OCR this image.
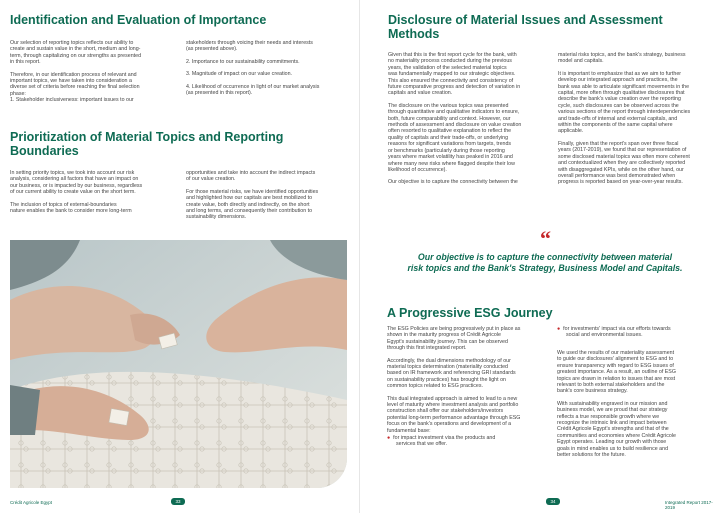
Identification and Evaluation of Importance
Our selection of reporting topics reflects our ability to
create and sustain value in the short, medium and long-
term, through capitalizing on our strengths as presented
in this report.
Therefore, in our identification process of relevant and
important topics, we have taken into consideration a
diverse set of criteria before reaching the final selection
phase:
1. Stakeholder inclusiveness: important issues to our
stakeholders through voicing their needs and interests
(as presented above).
2. Importance to our sustainability commitments.
3. Magnitude of impact on our value creation.
4. Likelihood of occurrence in light of our market analysis
(as presented in this report).
Prioritization of Material Topics and Reporting
Boundaries
In setting priority topics, we took into account our risk
analysis, considering all factors that have an impact on
our business, or is impacted by our business, regardless
of our current ability to create value on the short term.
The inclusion of topics of external-boundaries
nature enables the bank to consider more long-term
opportunities and take into account the indirect impacts
of our value creation.
For those material risks, we have identified opportunities
and highlighted how our capitals are best mobilized to
create value, both directly and indirectly, on the short
and long terms, and consequently their contribution to
sustainability dimensions.
Crédit Agricole Egypt	33
Disclosure of Material Issues and Assessment
Methods
Given that this is the first report cycle for the bank, with
no materiality process conducted during the previous
years, the validation of the selected material topics
was fundamentally mapped to our strategic objectives.
This also ensured the connectivity and consistency of
future comparative progress and detection of variation in
capitals and value creation.
The disclosure on the various topics was presented
through quantitative and qualitative indicators to ensure,
both, future comparability and context. However, our
methods of assessment and disclosure on value creation
often resorted to qualitative explanation to reflect the
quality of capitals and their trade-offs, or underlying
reasons for significant variations from targets, trends
or benchmarks (particularly during those reporting
years where market volatility has peaked in 2016 and
where many new risks where flagged despite their low
likelihood of occurrence).
Our objective is to capture the connectivity between the
material risks topics, and the bank's strategy, business
model and capitals.
It is important to emphasize that as we aim to further
develop our integrated approach and practices, the
bank was able to articulate significant movements in the
capital, more often through qualitative disclosures that
describe the bank's value creation over the reporting
cycle, such disclosures can be observed across the
various sections of the report through interdependencies
and trade-offs of internal and external capitals, and
within the components of the same capital where
applicable.
Finally, given that the report's span over three fiscal
years (2017-2019), we found that our representation of
some disclosed material topics was often more coherent
and contextualized when they are collectively reported
with disaggregated KPIs, while on the other hand, our
overall performance was best demonstrated when
progress is reported based on year-over-year results.
“
Our objective is to capture the connectivity between material
risk topics and the Bank's Strategy, Business Model and Capitals.
A Progressive ESG Journey
The ESG Policies are being progressively put in place as
shown in the maturity progress of Crédit Agricole
Egypt's sustainability journey. This can be observed
through this first integrated report.
Accordingly, the dual dimensions methodology of our
material topics determination (materiality conducted
based on IR framework and referencing GRI standards
on sustainability practices) has brought the light on
common topics related to ESG practices.
This dual integrated approach is aimed to lead to a new
level of maturity where investment analysis and portfolio
construction shall offer our stakeholders/investors
potential long-term performance advantage through ESG
focus on the bank's operations and development of a
fundamental base:
● for impact investment visa the products and
services that we offer.
● for investments' impact via our efforts towards
social and environmental issues.
We used the results of our materiality assessment
to guide our disclosures' alignment to ESG and to
ensure transparency with regard to ESG issues of
greatest importance. As a result, an outline of ESG
topics are drawn in relation to issues that are most
relevant to both external stakeholders and the
bank's core business strategy.
With sustainability engraved in our mission and
business model, we are proud that our strategy
reflects a true responsible growth where we
recognize the intrinsic link and impact between
Crédit Agricole Egypt's strengths and that of the
communities and economies where Crédit Agricole
Egypt operates. Leading our growth with those
goals in mind enables us to build resilience and
better solutions for the future.
34	Integrated Report 2017-2019
